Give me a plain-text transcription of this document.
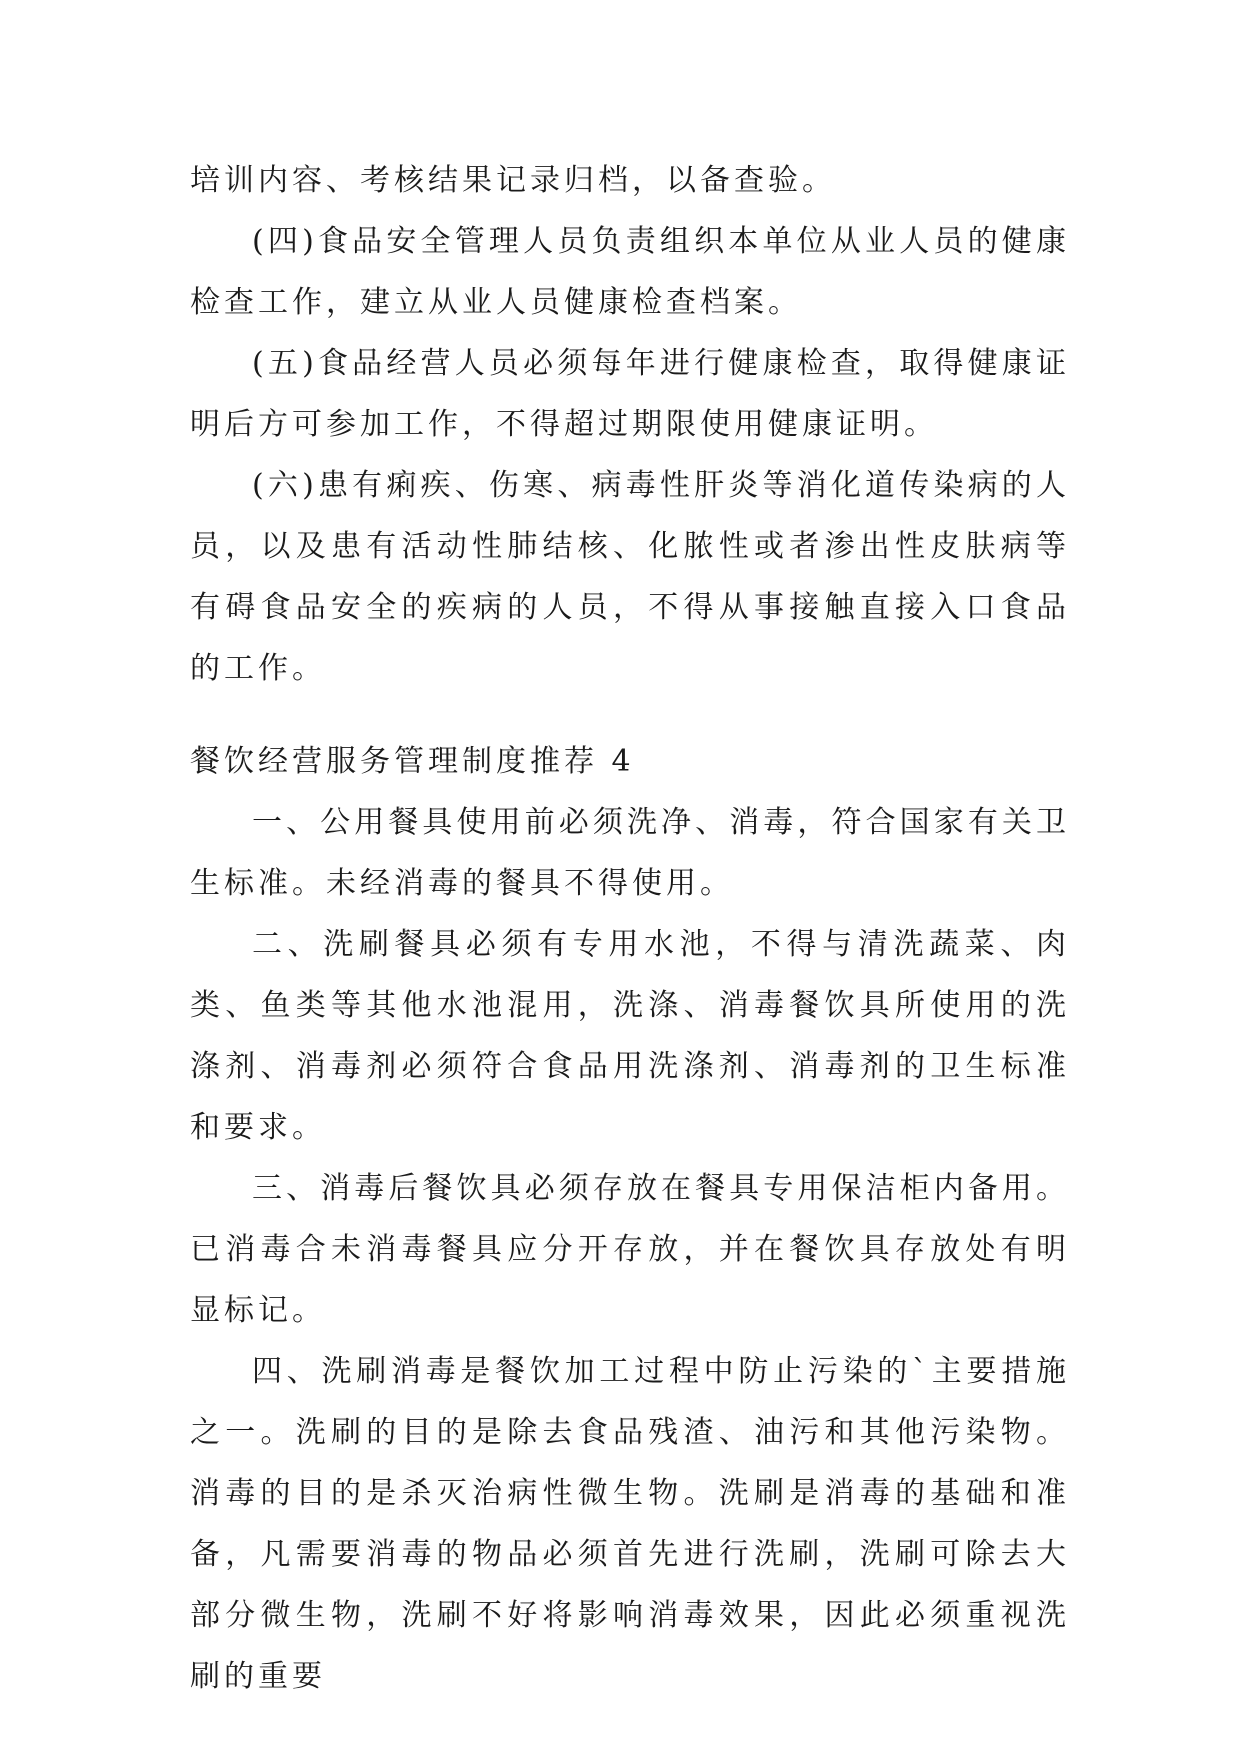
培训内容、考核结果记录归档，以备查验。

(四)食品安全管理人员负责组织本单位从业人员的健康检查工作，建立从业人员健康检查档案。

(五)食品经营人员必须每年进行健康检查，取得健康证明后方可参加工作，不得超过期限使用健康证明。

(六)患有痢疾、伤寒、病毒性肝炎等消化道传染病的人员，以及患有活动性肺结核、化脓性或者渗出性皮肤病等有碍食品安全的疾病的人员，不得从事接触直接入口食品的工作。

餐饮经营服务管理制度推荐 4

一、公用餐具使用前必须洗净、消毒，符合国家有关卫生标准。未经消毒的餐具不得使用。

二、洗刷餐具必须有专用水池，不得与清洗蔬菜、肉类、鱼类等其他水池混用，洗涤、消毒餐饮具所使用的洗涤剂、消毒剂必须符合食品用洗涤剂、消毒剂的卫生标准和要求。

三、消毒后餐饮具必须存放在餐具专用保洁柜内备用。已消毒合未消毒餐具应分开存放，并在餐饮具存放处有明显标记。

四、洗刷消毒是餐饮加工过程中防止污染的`主要措施之一。洗刷的目的是除去食品残渣、油污和其他污染物。消毒的目的是杀灭治病性微生物。洗刷是消毒的基础和准备，凡需要消毒的物品必须首先进行洗刷，洗刷可除去大部分微生物，洗刷不好将影响消毒效果，因此必须重视洗刷的重要
